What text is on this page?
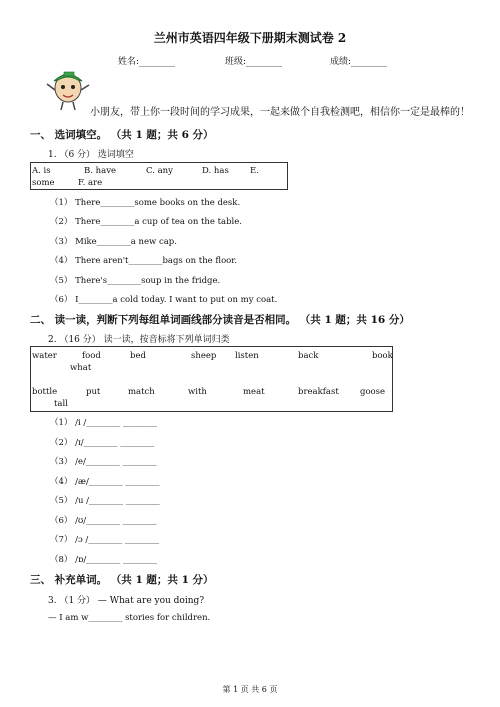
兰州市英语四年级下册期末测试卷 2
姓名:________	班级:________	成绩:________
小朋友，带上你一段时间的学习成果，一起来做个自我检测吧，相信你一定是最棒的！
一、 选词填空。 （共 1 题；共 6 分）
1. （6 分） 选词填空
A. is	B. have	C. any	D. has E.
some	F. are
（1） There________some books on the desk.
（2） There________a cup of tea on the table.
（3） Mike________a new cap.
（4） There aren't________bags on the floor.
（5） There's________soup in the fridge.
（6） I________a cold today. I want to put on my coat.
二、 读一读，判断下列每组单词画线部分读音是否相同。 （共 1 题；共 16 分）
2. （16 分） 读一读，按音标将下列单词归类
water	food	bed	sheep listen	back	book
what
bottle	put	match	with	meat	breakfast	goose
tall
（1） /i /________ ________
（2） /ɪ/________ ________
（3） /e/________ ________
（4） /æ/________ ________
（5） /u /________ ________
（6） /ʊ/________ ________
（7） /ɔ /________ ________
（8） /ɒ/________ ________
三、 补充单词。 （共 1 题；共 1 分）
3. （1 分） — What are you doing?
— I am w________ stories for children.
第 1 页 共 6 页
